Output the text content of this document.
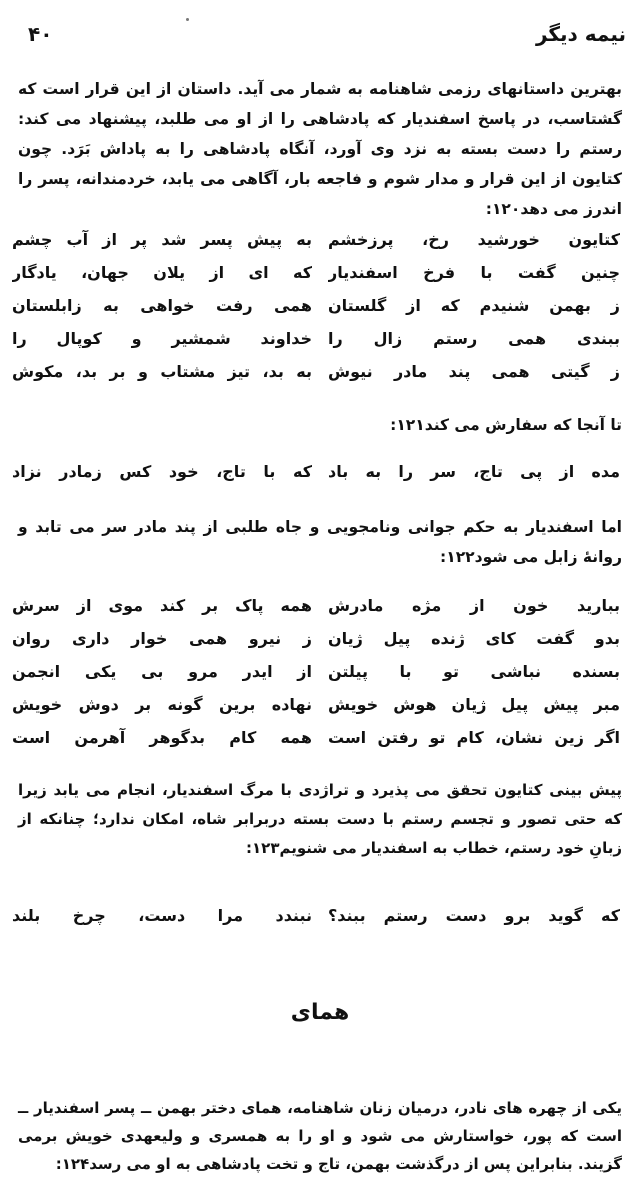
نیمه دیگر
۴۰

بهترین داستانهای رزمی شاهنامه به شمار می آید. داستان از این قرار است که گشتاسب، در پاسخ اسفندیار که پادشاهی را از او می طلبد، پیشنهاد می کند: رستم را دست بسته به نزد وی آورد، آنگاه پادشاهی را به پاداش بَرَد. چون کتایون از این قرار و مدار شوم و فاجعه بار، آگاهی می یابد، خردمندانه، پسر را اندرز می دهد۱۲۰:

کتایون خورشید رخ، پرزخشم
به پیش پسر شد پر از آب چشم
چنین گفت با فرخ اسفندیار
که ای از یلان جهان، یادگار
ز بهمن شنیدم که از گلستان
همی رفت خواهی به زابلستان
ببندی همی رستم زال را
خداوند شمشیر و کوپال را
ز گیتی همی پند مادر نیوش
به بد، تیز مشتاب و بر بد، مکوش

تا آنجا که سفارش می کند۱۲۱:

مده از پی تاج، سر را به باد
که با تاج، خود کس زمادر نزاد

اما اسفندیار به حکم جوانی ونامجویی و جاه طلبی از پند مادر سر می تابد و روانهٔ زابل می شود۱۲۲:

ببارید خون از مژه مادرش
همه پاک بر کند موی از سرش
بدو گفت کای ژنده پیل ژیان
ز نیرو همی خوار داری روان
بسنده نباشی تو با پیلتن
از ایدر مرو بی یکی انجمن
مبر پیش پیل ژیان هوش خویش
نهاده برین گونه بر دوش خویش
اگر زین نشان، کام تو رفتن است
همه کام بدگوهر آهرمن است

پیش بینی کتایون تحقق می پذیرد و تراژدی با مرگ اسفندیار، انجام می یابد زیرا که حتی تصور و تجسم رستم با دست بسته دربرابر شاه، امکان ندارد؛ چنانکه از زبانِ خود رستم، خطاب به اسفندیار می شنویم۱۲۳:

که گوید برو دست رستم ببند؟
نبندد مرا دست، چرخ بلند
همای

یکی از چهره های نادر، درمیان زنان شاهنامه، همای دختر بهمن ــ پسر اسفندیار ــ است که پور، خواستارش می شود و او را به همسری و ولیعهدی خویش برمی گزیند. بنابراین پس از درگذشت بهمن، تاج و تخت پادشاهی به او می رسد۱۲۴:
